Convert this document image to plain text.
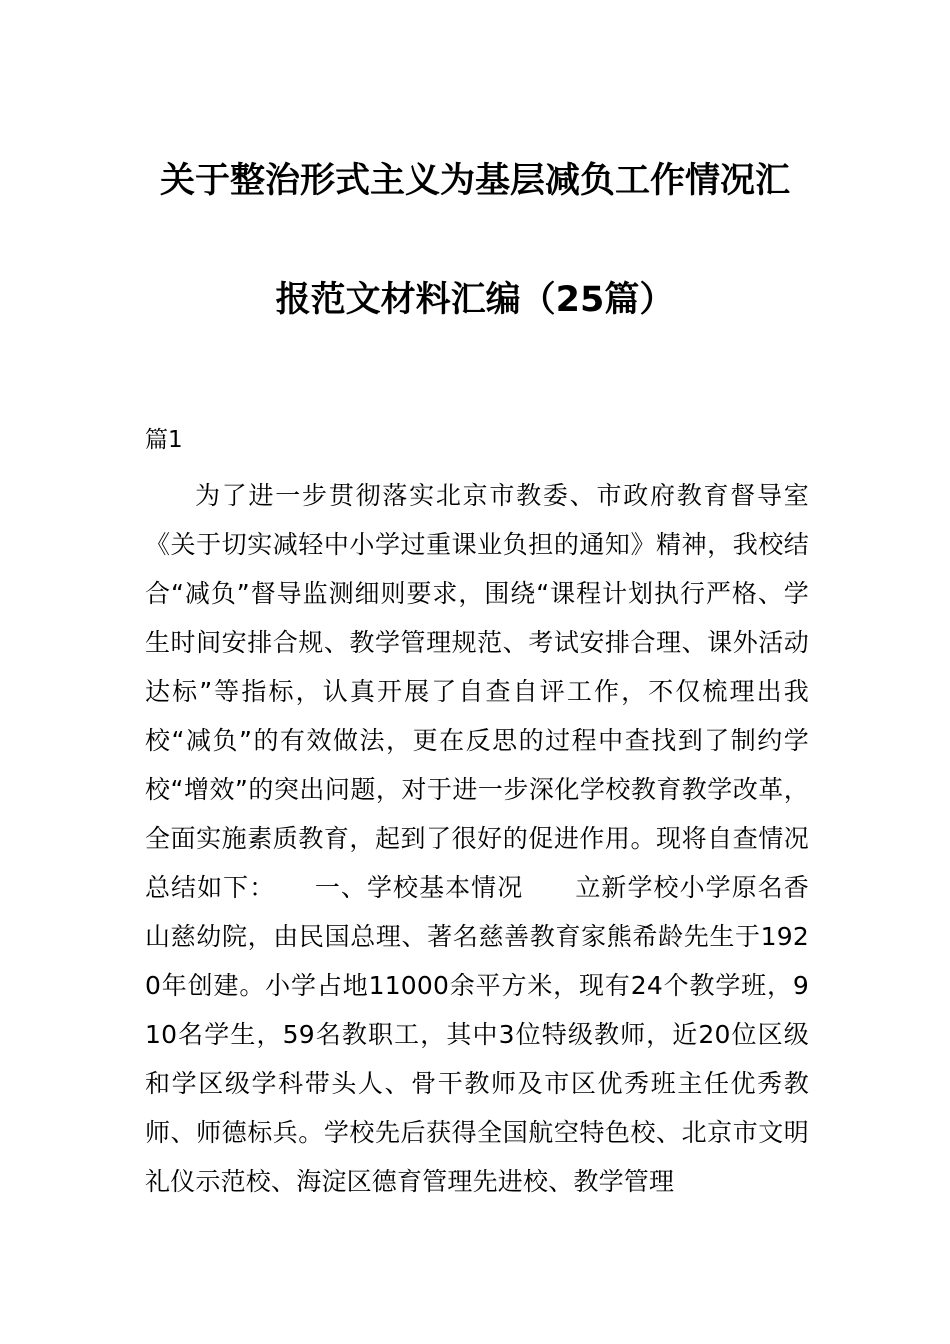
关于整治形式主义为基层减负工作情况汇
报范文材料汇编（25篇）
篇1

为了进一步贯彻落实北京市教委、市政府教育督导室《关于切实减轻中小学过重课业负担的通知》精神，我校结合“减负”督导监测细则要求，围绕“课程计划执行严格、学生时间安排合规、教学管理规范、考试安排合理、课外活动达标”等指标，认真开展了自查自评工作，不仅梳理出我校“减负”的有效做法，更在反思的过程中查找到了制约学校“增效”的突出问题，对于进一步深化学校教育教学改革，全面实施素质教育，起到了很好的促进作用。现将自查情况总结如下：　　一、学校基本情况　　立新学校小学原名香山慈幼院，由民国总理、著名慈善教育家熊希龄先生于1920年创建。小学占地11000余平方米，现有24个教学班，910名学生，59名教职工，其中3位特级教师，近20位区级和学区级学科带头人、骨干教师及市区优秀班主任优秀教师、师德标兵。学校先后获得全国航空特色校、北京市文明礼仪示范校、海淀区德育管理先进校、教学管理
